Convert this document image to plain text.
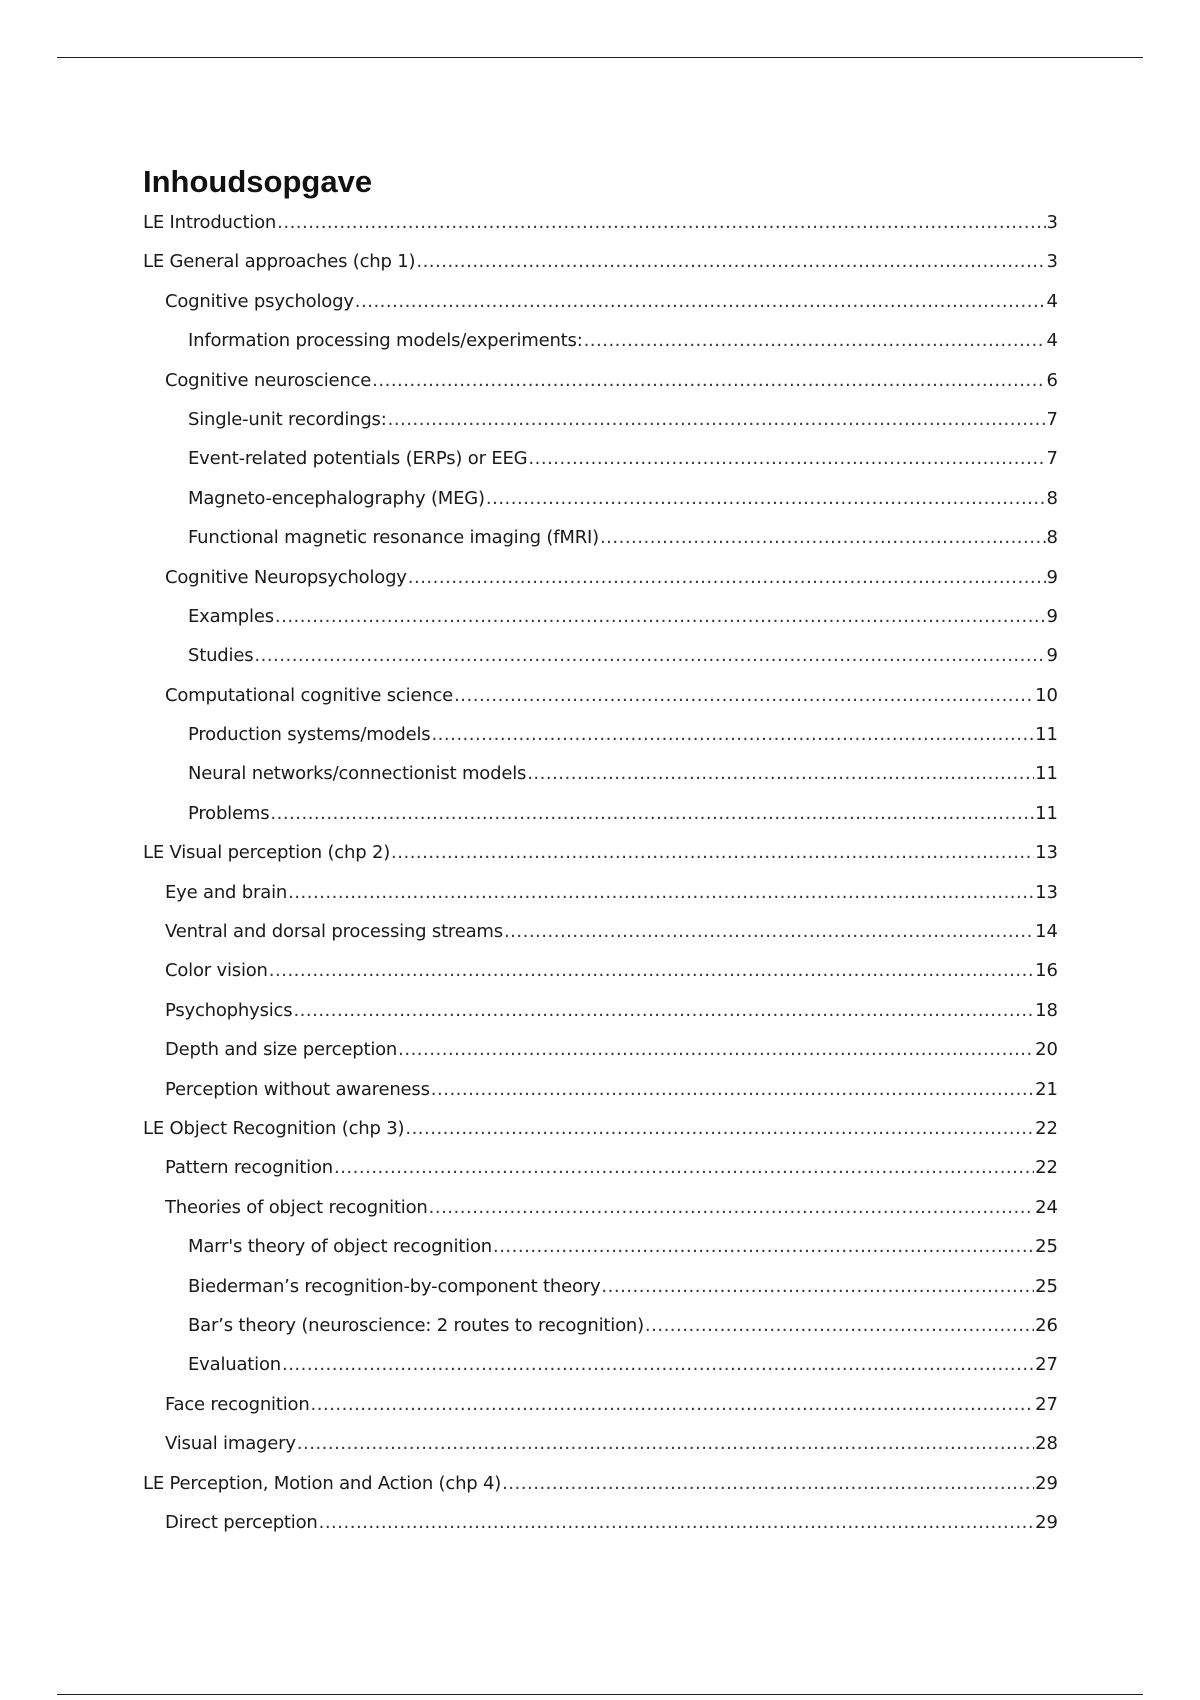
Inhoudsopgave
LE Introduction .....	3
LE General approaches (chp 1) .....	3
Cognitive psychology .....	4
Information processing models/experiments: .....	4
Cognitive neuroscience .....	6
Single-unit recordings: .....	7
Event-related potentials (ERPs) or EEG .....	7
Magneto-encephalography (MEG) .....	8
Functional magnetic resonance imaging (fMRI) .....	8
Cognitive Neuropsychology .....	9
Examples .....	9
Studies .....	9
Computational cognitive science .....	10
Production systems/models .....	11
Neural networks/connectionist models .....	11
Problems .....	11
LE Visual perception (chp 2) .....	13
Eye and brain .....	13
Ventral and dorsal processing streams .....	14
Color vision .....	16
Psychophysics .....	18
Depth and size perception .....	20
Perception without awareness .....	21
LE Object Recognition (chp 3) .....	22
Pattern recognition .....	22
Theories of object recognition .....	24
Marr's theory of object recognition .....	25
Biederman’s recognition-by-component theory .....	25
Bar’s theory (neuroscience: 2 routes to recognition) .....	26
Evaluation .....	27
Face recognition .....	27
Visual imagery .....	28
LE Perception, Motion and Action (chp 4) .....	29
Direct perception .....	29
